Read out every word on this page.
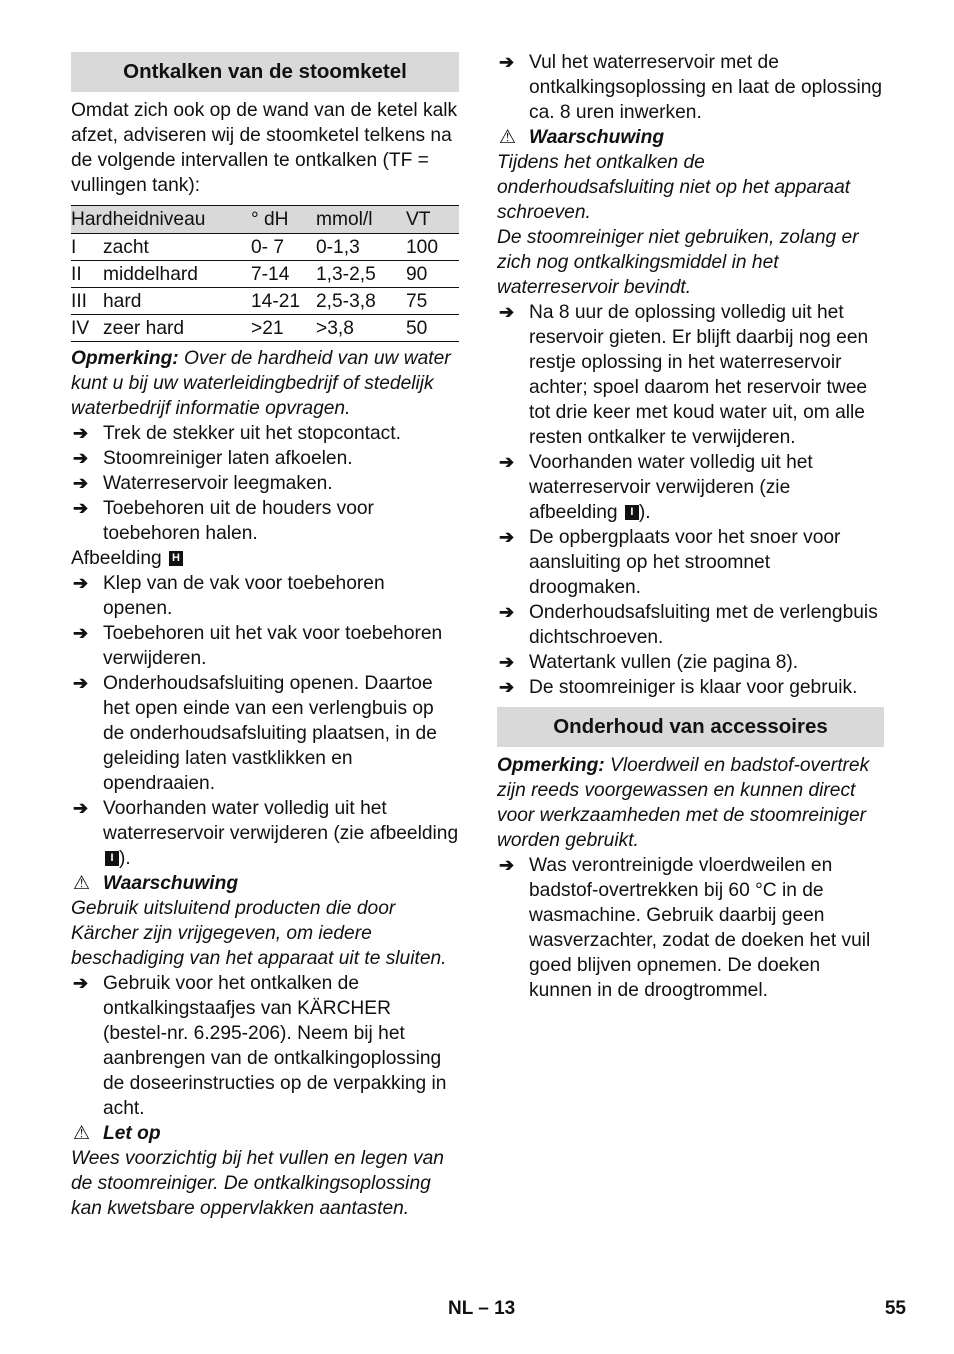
Ontkalken van de stoomketel

Omdat zich ook op de wand van de ketel kalk afzet, adviseren wij de stoomketel telkens na de volgende intervallen te ontkalken (TF = vullingen tank):

Hardheidniveau		° dH	mmol/l	VT
I	zacht	0- 7	0-1,3	100
II	middelhard	7-14	1,3-2,5	90
III	hard	14-21	2,5-3,8	75
IV	zeer hard	>21	>3,8	50

Opmerking: Over de hardheid van uw water kunt u bij uw waterleidingbedrijf of stedelijk waterbedrijf informatie opvragen.

➔ Trek de stekker uit het stopcontact.
➔ Stoomreiniger laten afkoelen.
➔ Waterreservoir leegmaken.
➔ Toebehoren uit de houders voor toebehoren halen.

Afbeelding H

➔ Klep van de vak voor toebehoren openen.
➔ Toebehoren uit het vak voor toebehoren verwijderen.
➔ Onderhoudsafsluiting openen. Daartoe het open einde van een verlengbuis op de onderhoudsafsluiting plaatsen, in de geleiding laten vastklikken en opendraaien.
➔ Voorhanden water volledig uit het waterreservoir verwijderen (zie afbeelding I ).

⚠ Waarschuwing

Gebruik uitsluitend producten die door Kärcher zijn vrijgegeven, om iedere beschadiging van het apparaat uit te sluiten.

➔ Gebruik voor het ontkalken de ontkalkingstaafjes van KÄRCHER (bestel-nr. 6.295-206). Neem bij het aanbrengen van de ontkalkingoplossing de doseerinstructies op de verpakking in acht.

⚠ Let op

Wees voorzichtig bij het vullen en legen van de stoomreiniger. De ontkalkingsoplossing kan kwetsbare oppervlakken aantasten.

➔ Vul het waterreservoir met de ontkalkingsoplossing en laat de oplossing ca. 8 uren inwerken.

⚠ Waarschuwing

Tijdens het ontkalken de onderhoudsafsluiting niet op het apparaat schroeven.

De stoomreiniger niet gebruiken, zolang er zich nog ontkalkingsmiddel in het waterreservoir bevindt.

➔ Na 8 uur de oplossing volledig uit het reservoir gieten. Er blijft daarbij nog een restje oplossing in het waterreservoir achter; spoel daarom het reservoir twee tot drie keer met koud water uit, om alle resten ontkalker te verwijderen.
➔ Voorhanden water volledig uit het waterreservoir verwijderen (zie afbeelding I ).
➔ De opbergplaats voor het snoer voor aansluiting op het stroomnet droogmaken.
➔ Onderhoudsafsluiting met de verlengbuis dichtschroeven.
➔ Watertank vullen (zie pagina 8).
➔ De stoomreiniger is klaar voor gebruik.
Onderhoud van accessoires

Opmerking: Vloerdweil en badstof-overtrek zijn reeds voorgewassen en kunnen direct voor werkzaamheden met de stoomreiniger worden gebruikt.

➔ Was verontreinigde vloerdweilen en badstof-overtrekken bij 60 °C in de wasmachine. Gebruik daarbij geen wasverzachter, zodat de doeken het vuil goed blijven opnemen. De doeken kunnen in de droogtrommel.
NL – 13	55
